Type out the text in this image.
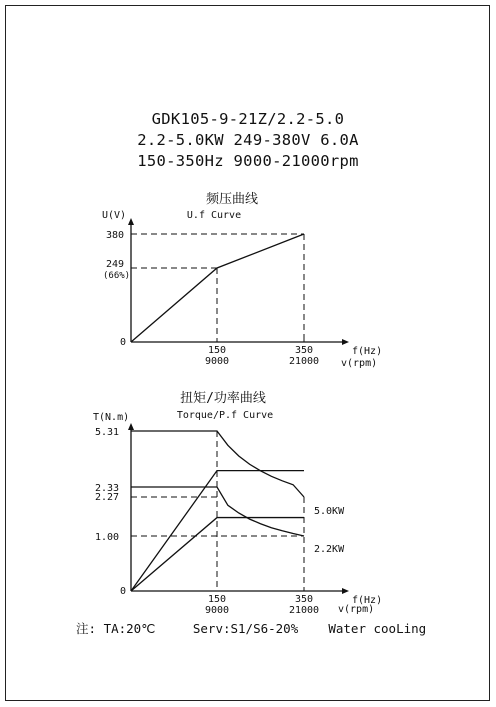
GDK105-9-21Z/2.2-5.0
2.2-5.0KW 249-380V 6.0A
150-350Hz 9000-21000rpm
频压曲线
U.f Curve
U(V)
0
f(Hz)
v(rpm)
150
9000
350
21000
380
249
(66%)
扭矩/功率曲线
Torque/P.f Curve
T(N.m)
0
f(Hz)
v(rpm)
150
9000
350
21000
1.00
2.27
2.33
5.31
5.0KW
2.2KW
注: TA:20℃	Serv:S1/S6-20% Water cooLing
